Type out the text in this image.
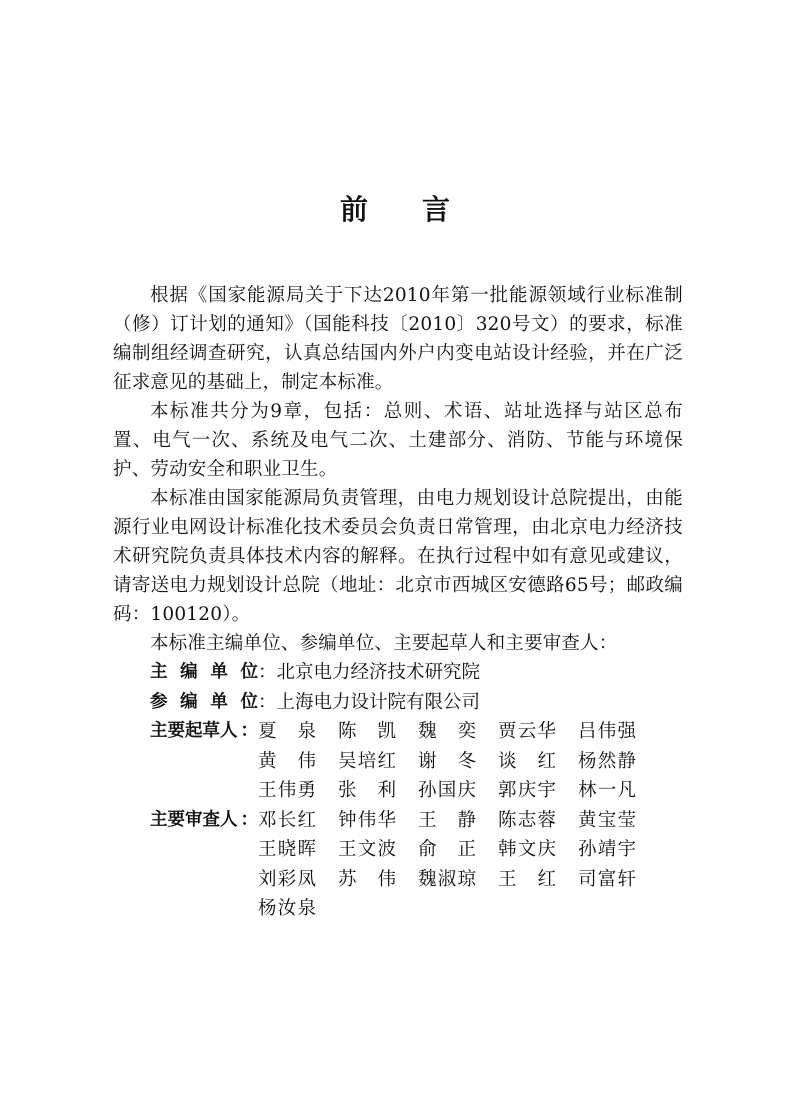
前 言

根据《国家能源局关于下达2010年第一批能源领域行业标准制（修）订计划的通知》（国能科技〔2010〕320号文）的要求，标准编制组经调查研究，认真总结国内外户内变电站设计经验，并在广泛征求意见的基础上，制定本标准。

本标准共分为9章，包括：总则、术语、站址选择与站区总布置、电气一次、系统及电气二次、土建部分、消防、节能与环境保护、劳动安全和职业卫生。

本标准由国家能源局负责管理，由电力规划设计总院提出，由能源行业电网设计标准化技术委员会负责日常管理，由北京电力经济技术研究院负责具体技术内容的解释。在执行过程中如有意见或建议，请寄送电力规划设计总院（地址：北京市西城区安德路65号；邮政编码：100120）。

本标准主编单位、参编单位、主要起草人和主要审查人：

主 编 单 位 ：北京电力经济技术研究院
参 编 单 位 ：上海电力设计院有限公司
主要起草人 ： 夏　泉 陈　凯 魏　奕 贾云华 吕伟强
黄　伟 吴培红 谢　冬 谈　红 杨然静
王伟勇 张　利 孙国庆 郭庆宇 林一凡
主要审查人 ： 邓长红 钟伟华 王　静 陈志蓉 黄宝莹
王晓晖 王文波 俞　正 韩文庆 孙靖宇
刘彩凤 苏　伟 魏淑琼 王　红 司富轩
杨汝泉
